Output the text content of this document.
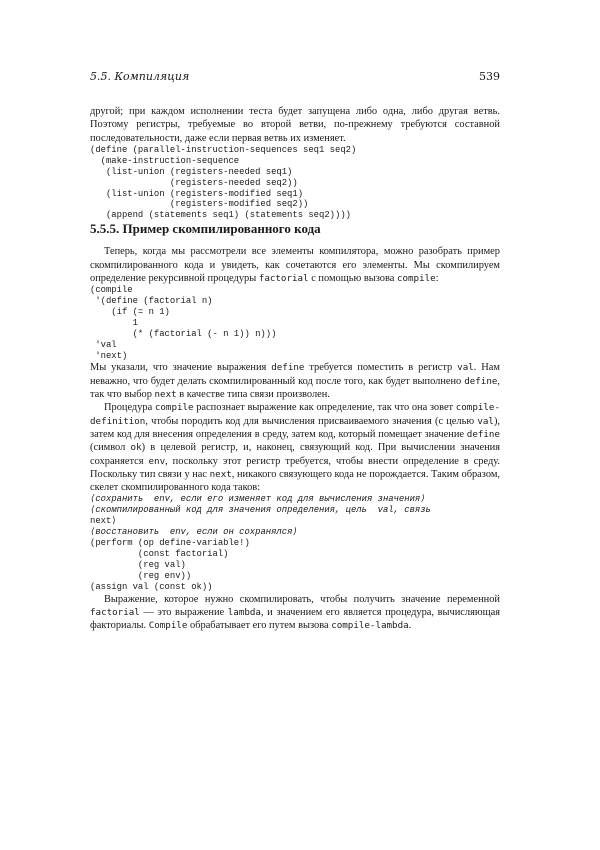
5.5. Компиляция	539

другой; при каждом исполнении теста будет запущена либо одна, либо другая ветвь. Поэтому регистры, требуемые во второй ветви, по-прежнему требуются составной последовательности, даже если первая ветвь их изменяет.

(define (parallel-instruction-sequences seq1 seq2)
(make-instruction-sequence
(list-union (registers-needed seq1)
(registers-needed seq2))
(list-union (registers-modified seq1)
(registers-modified seq2))
(append (statements seq1) (statements seq2))))
5.5.5. Пример скомпилированного кода

Теперь, когда мы рассмотрели все элементы компилятора, можно разобрать пример скомпилированного кода и увидеть, как сочетаются его элементы. Мы скомпилируем определение рекурсивной процедуры factorial с помощью вызова compile:

(compile
'(define (factorial n)
(if (= n 1)
1
(* (factorial (- n 1)) n)))
'val
'next)

Мы указали, что значение выражения define требуется поместить в регистр val. Нам неважно, что будет делать скомпилированный код после того, как будет выполнено define, так что выбор next в качестве типа связи произволен.

Процедура compile распознает выражение как определение, так что она зовет compile-definition, чтобы породить код для вычисления присваиваемого значения (с целью val), затем код для внесения определения в среду, затем код, который помещает значение define (символ ok) в целевой регистр, и, наконец, связующий код. При вычислении значения сохраняется env, поскольку этот регистр требуется, чтобы внести определение в среду. Поскольку тип связи у нас next, никакого связующего кода не порождается. Таким образом, скелет скомпилированного кода таков:

⟨сохранить  env, если его изменяет код для вычисления значения⟩
⟨скомпилированный код для значения определения, цель  val, связь
next⟩
⟨восстановить  env, если он сохранялся⟩
(perform (op define-variable!)
(const factorial)
(reg val)
(reg env))
(assign val (const ok))

Выражение, которое нужно скомпилировать, чтобы получить значение переменной factorial — это выражение lambda, и значением его является процедура, вычисляющая факториалы. Compile обрабатывает его путем вызова compile-lambda.
